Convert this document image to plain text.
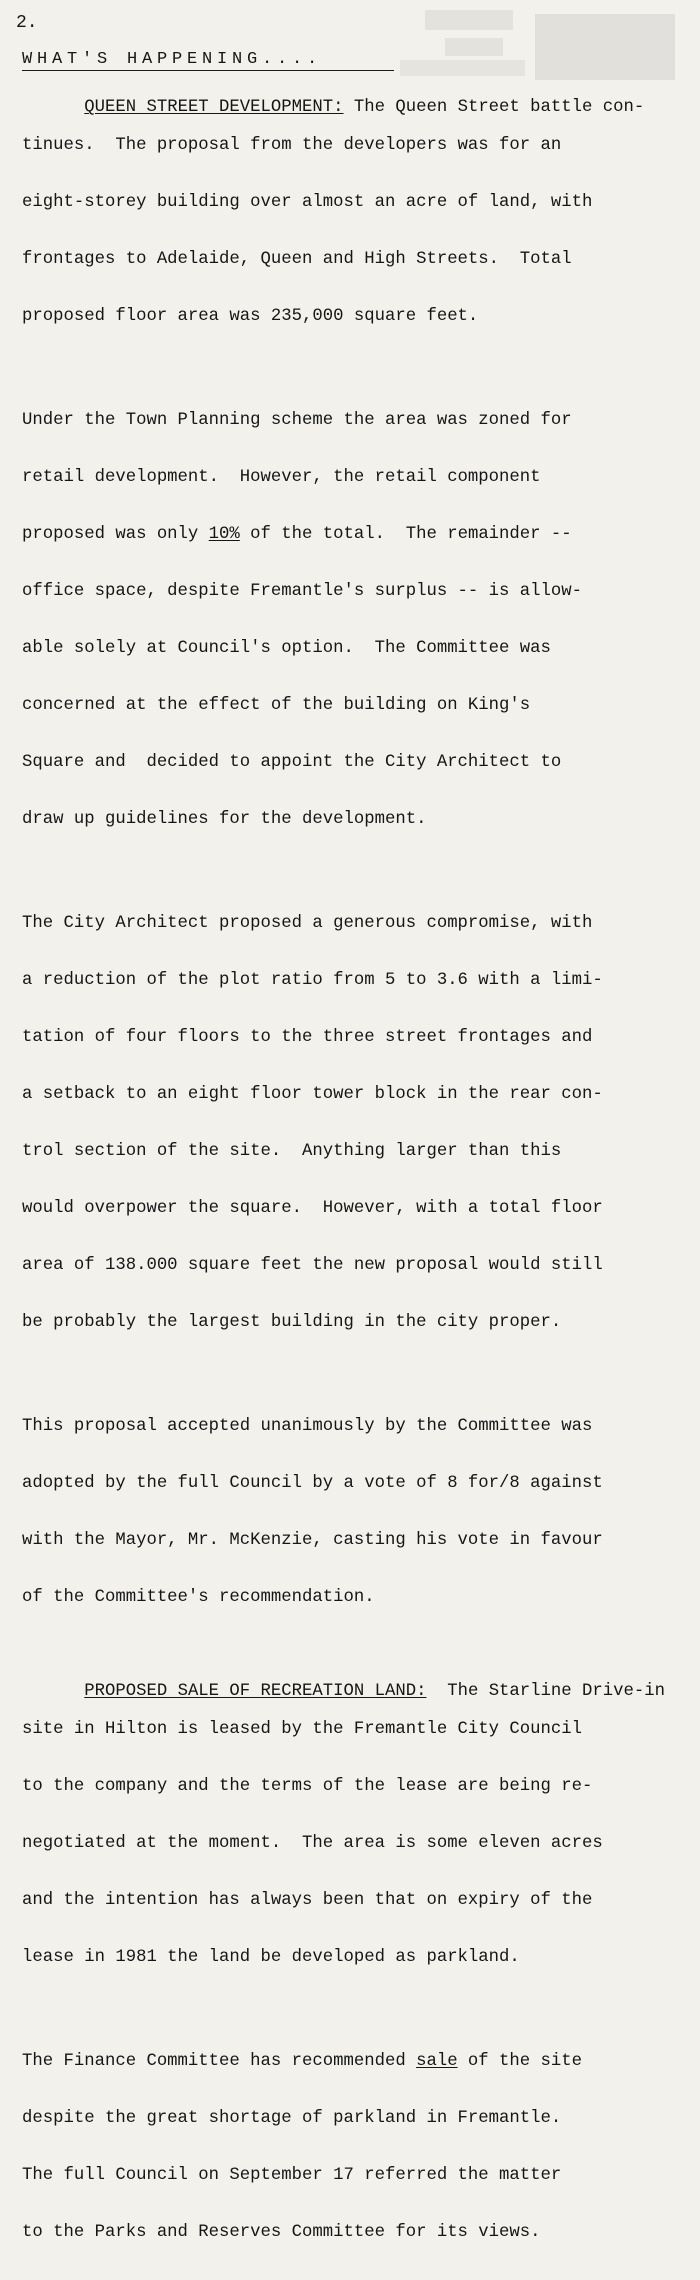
2.
WHAT'S HAPPENING....

QUEEN STREET DEVELOPMENT: The Queen Street battle con-

tinues.  The proposal from the developers was for an

eight-storey building over almost an acre of land, with

frontages to Adelaide, Queen and High Streets.  Total

proposed floor area was 235,000 square feet.

Under the Town Planning scheme the area was zoned for

retail development.  However, the retail component

proposed was only 10% of the total.  The remainder --

office space, despite Fremantle's surplus -- is allow-

able solely at Council's option.  The Committee was

concerned at the effect of the building on King's

Square and  decided to appoint the City Architect to

draw up guidelines for the development.

The City Architect proposed a generous compromise, with

a reduction of the plot ratio from 5 to 3.6 with a limi-

tation of four floors to the three street frontages and

a setback to an eight floor tower block in the rear con-

trol section of the site.  Anything larger than this

would overpower the square.  However, with a total floor

area of 138.000 square feet the new proposal would still

be probably the largest building in the city proper.

This proposal accepted unanimously by the Committee was

adopted by the full Council by a vote of 8 for/8 against

with the Mayor, Mr. McKenzie, casting his vote in favour

of the Committee's recommendation.

PROPOSED SALE OF RECREATION LAND:  The Starline Drive-in

site in Hilton is leased by the Fremantle City Council

to the company and the terms of the lease are being re-

negotiated at the moment.  The area is some eleven acres

and the intention has always been that on expiry of the

lease in 1981 the land be developed as parkland.

The Finance Committee has recommended sale of the site

despite the great shortage of parkland in Fremantle.

The full Council on September 17 referred the matter

to the Parks and Reserves Committee for its views.
